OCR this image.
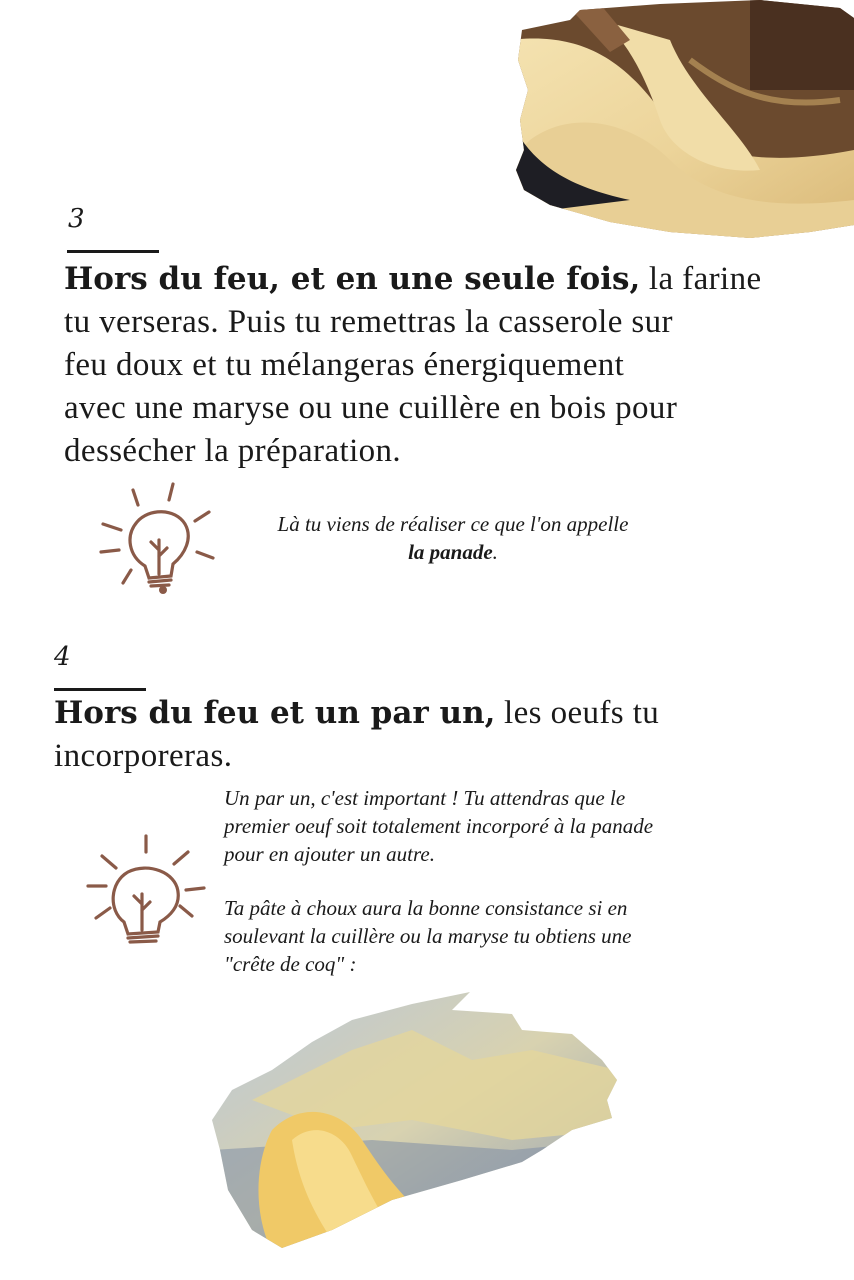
3
Hors du feu, et en une seule fois, la farine
tu verseras. Puis tu remettras la casserole sur
feu doux et tu mélangeras énergiquement
avec une maryse ou une cuillère en bois pour
dessécher la préparation.
Là tu viens de réaliser ce que l'on appelle
la panade.
4
Hors du feu et un par un, les oeufs tu
incorporeras.
Un par un, c'est important ! Tu attendras que le
premier oeuf soit totalement incorporé à la panade
pour en ajouter un autre.
Ta pâte à choux aura la bonne consistance si en
soulevant la cuillère ou la maryse tu obtiens une
"crête de coq" :
